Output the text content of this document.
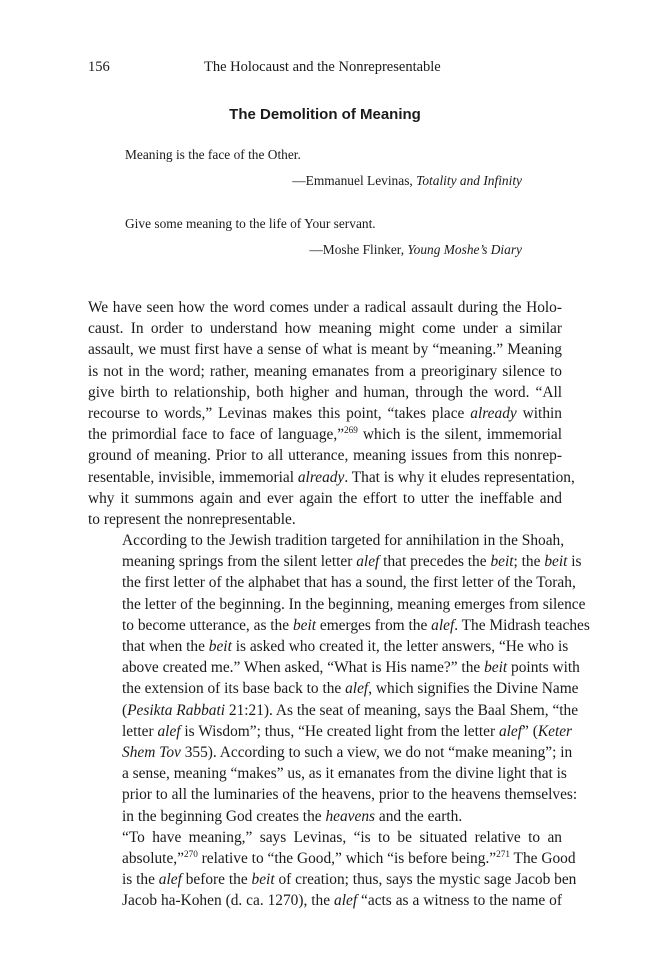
156	The Holocaust and the Nonrepresentable
The Demolition of Meaning
Meaning is the face of the Other.
—Emmanuel Levinas, Totality and Infinity
Give some meaning to the life of Your servant.
—Moshe Flinker, Young Moshe’s Diary

We have seen how the word comes under a radical assault during the Holo-
caust. In order to understand how meaning might come under a similar
assault, we must first have a sense of what is meant by “meaning.” Meaning
is not in the word; rather, meaning emanates from a preoriginary silence to
give birth to relationship, both higher and human, through the word. “All
recourse to words,” Levinas makes this point, “takes place already within
the primordial face to face of language,”$^{269}$ which is the silent, immemorial
ground of meaning. Prior to all utterance, meaning issues from this nonrep-
resentable, invisible, immemorial already. That is why it eludes representation,
why it summons again and ever again the effort to utter the ineffable and
to represent the nonrepresentable.

According to the Jewish tradition targeted for annihilation in the Shoah,
meaning springs from the silent letter alef that precedes the beit; the beit is
the first letter of the alphabet that has a sound, the first letter of the Torah,
the letter of the beginning. In the beginning, meaning emerges from silence
to become utterance, as the beit emerges from the alef. The Midrash teaches
that when the beit is asked who created it, the letter answers, “He who is
above created me.” When asked, “What is His name?” the beit points with
the extension of its base back to the alef, which signifies the Divine Name
(Pesikta Rabbati 21:21). As the seat of meaning, says the Baal Shem, “the
letter alef is Wisdom”; thus, “He created light from the letter alef” (Keter
Shem Tov 355). According to such a view, we do not “make meaning”; in
a sense, meaning “makes” us, as it emanates from the divine light that is
prior to all the luminaries of the heavens, prior to the heavens themselves:
in the beginning God creates the heavens and the earth.

“To have meaning,” says Levinas, “is to be situated relative to an
absolute,”$^{270}$ relative to “the Good,” which “is before being.”$^{271}$ The Good
is the alef before the beit of creation; thus, says the mystic sage Jacob ben
Jacob ha-Kohen (d. ca. 1270), the alef “acts as a witness to the name of
